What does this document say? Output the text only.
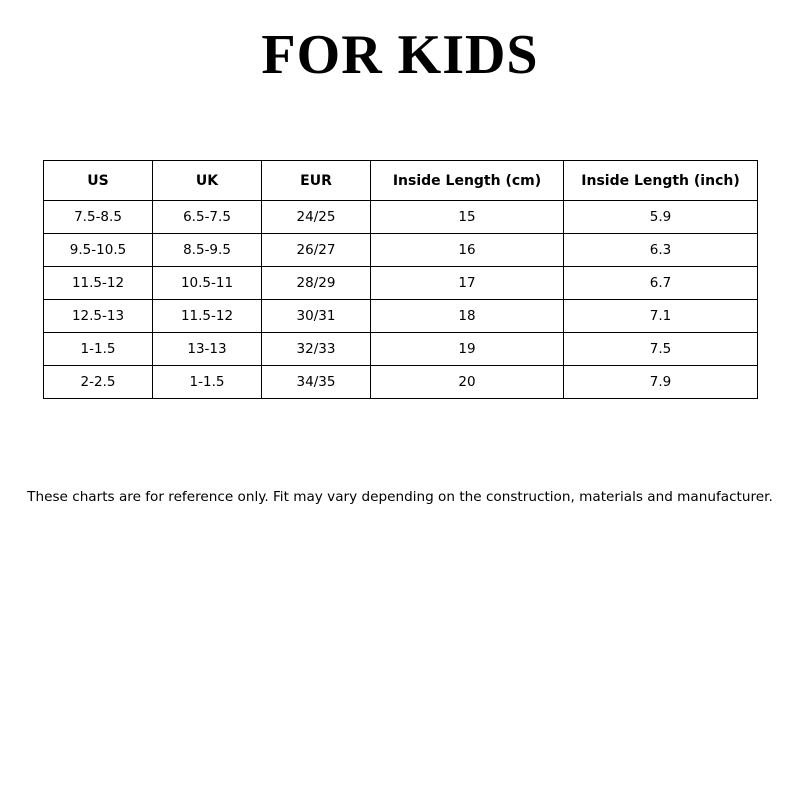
FOR KIDS
US	UK	EUR	Inside Length (cm)	Inside Length (inch)
7.5-8.5	6.5-7.5	24/25	15	5.9
9.5-10.5	8.5-9.5	26/27	16	6.3
11.5-12	10.5-11	28/29	17	6.7
12.5-13	11.5-12	30/31	18	7.1
1-1.5	13-13	32/33	19	7.5
2-2.5	1-1.5	34/35	20	7.9

These charts are for reference only. Fit may vary depending on the construction, materials and manufacturer.
